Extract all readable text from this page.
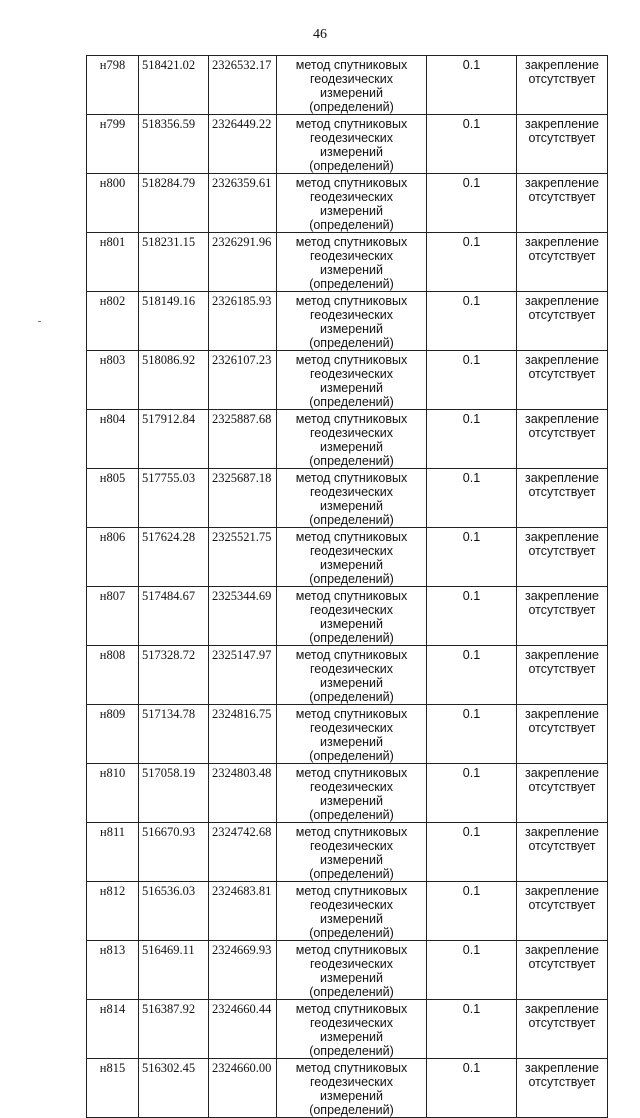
46
н798	518421.02	2326532.17	метод спутниковых геодезических измерений (определений)	0.1	закрепление отсутствует
н799	518356.59	2326449.22	метод спутниковых геодезических измерений (определений)	0.1	закрепление отсутствует
н800	518284.79	2326359.61	метод спутниковых геодезических измерений (определений)	0.1	закрепление отсутствует
н801	518231.15	2326291.96	метод спутниковых геодезических измерений (определений)	0.1	закрепление отсутствует
н802	518149.16	2326185.93	метод спутниковых геодезических измерений (определений)	0.1	закрепление отсутствует
н803	518086.92	2326107.23	метод спутниковых геодезических измерений (определений)	0.1	закрепление отсутствует
н804	517912.84	2325887.68	метод спутниковых геодезических измерений (определений)	0.1	закрепление отсутствует
н805	517755.03	2325687.18	метод спутниковых геодезических измерений (определений)	0.1	закрепление отсутствует
н806	517624.28	2325521.75	метод спутниковых геодезических измерений (определений)	0.1	закрепление отсутствует
н807	517484.67	2325344.69	метод спутниковых геодезических измерений (определений)	0.1	закрепление отсутствует
н808	517328.72	2325147.97	метод спутниковых геодезических измерений (определений)	0.1	закрепление отсутствует
н809	517134.78	2324816.75	метод спутниковых геодезических измерений (определений)	0.1	закрепление отсутствует
н810	517058.19	2324803.48	метод спутниковых геодезических измерений (определений)	0.1	закрепление отсутствует
н811	516670.93	2324742.68	метод спутниковых геодезических измерений (определений)	0.1	закрепление отсутствует
н812	516536.03	2324683.81	метод спутниковых геодезических измерений (определений)	0.1	закрепление отсутствует
н813	516469.11	2324669.93	метод спутниковых геодезических измерений (определений)	0.1	закрепление отсутствует
н814	516387.92	2324660.44	метод спутниковых геодезических измерений (определений)	0.1	закрепление отсутствует
н815	516302.45	2324660.00	метод спутниковых геодезических измерений (определений)	0.1	закрепление отсутствует
